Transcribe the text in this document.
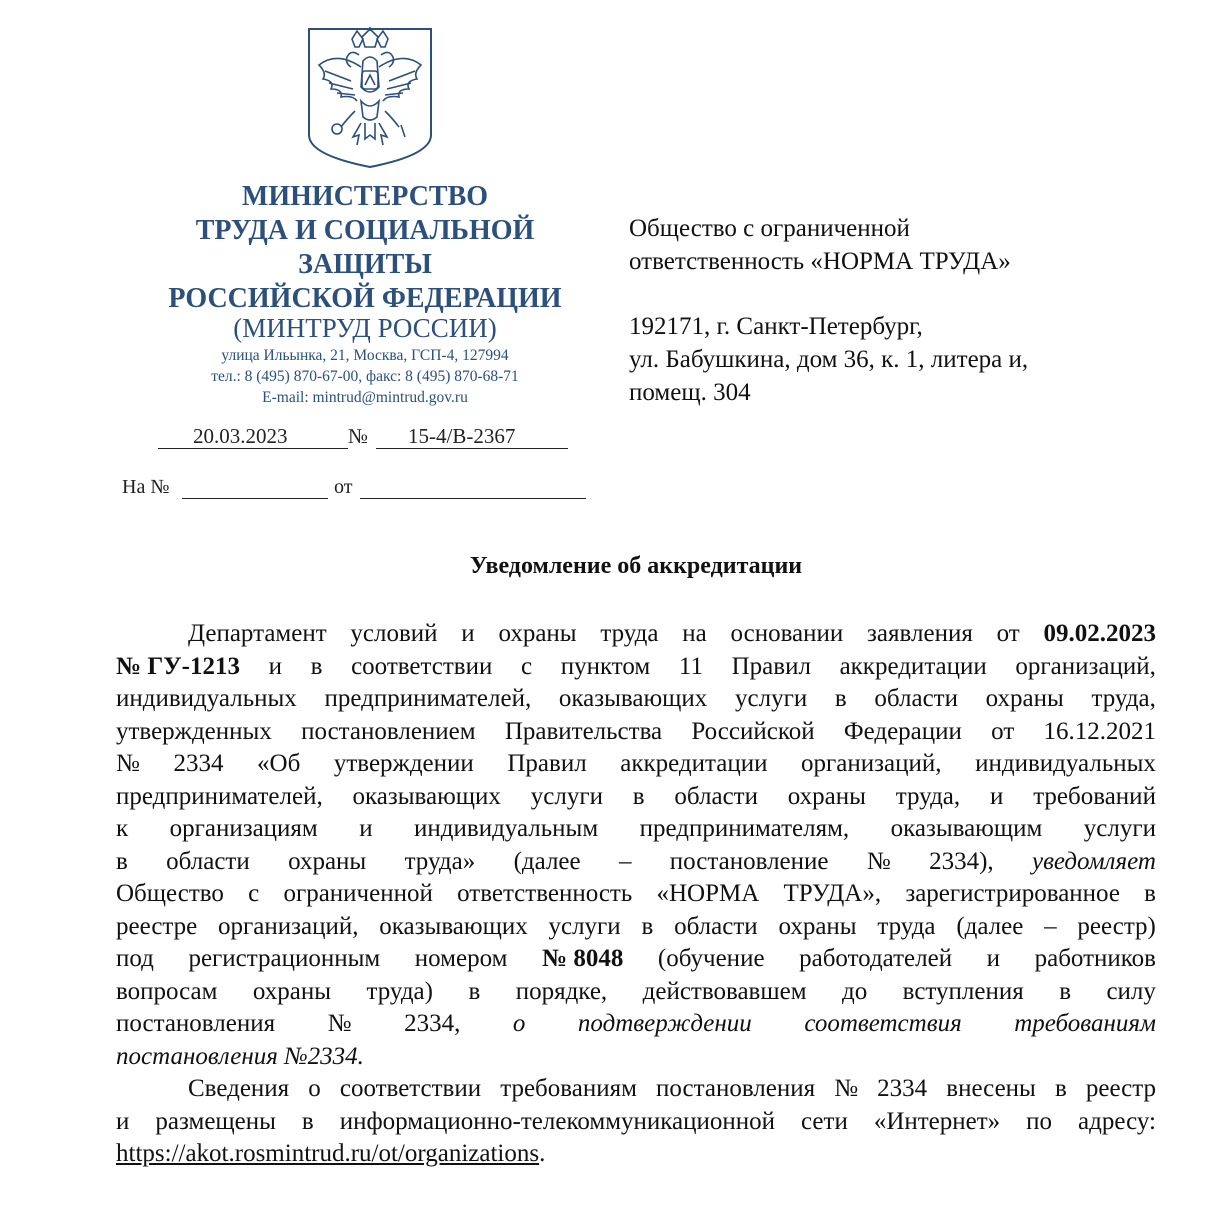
МИНИСТЕРСТВО
ТРУДА И СОЦИАЛЬНОЙ
ЗАЩИТЫ
РОССИЙСКОЙ ФЕДЕРАЦИИ
(МИНТРУД РОССИИ)
улица Ильынка, 21, Москва, ГСП-4, 127994
тел.: 8 (495) 870-67-00, факс: 8 (495) 870-68-71
E-mail: mintrud@mintrud.gov.ru
20.03.2023	№ 15-4/В-2367
На №	от
Общество с ограниченной
ответственность «НОРМА ТРУДА»
192171, г. Санкт-Петербург,
ул. Бабушкина, дом 36, к. 1, литера и,
помещ. 304
Уведомление об аккредитации
Департамент условий и охраны труда на основании заявления от 09.02.2023
№ ГУ-1213 и в соответствии с пунктом 11 Правил аккредитации организаций,
индивидуальных предпринимателей, оказывающих услуги в области охраны труда,
утвержденных постановлением Правительства Российской Федерации от 16.12.2021
№ 2334 «Об утверждении Правил аккредитации организаций, индивидуальных
предпринимателей, оказывающих услуги в области охраны труда, и требований
к организациям и индивидуальным предпринимателям, оказывающим услуги
в области охраны труда» (далее – постановление № 2334), уведомляет
Общество с ограниченной ответственность «НОРМА ТРУДА», зарегистрированное в
реестре организаций, оказывающих услуги в области охраны труда (далее – реестр)
под регистрационным номером № 8048 (обучение работодателей и работников
вопросам охраны труда) в порядке, действовавшем до вступления в силу
постановления № 2334, о подтверждении соответствия требованиям
постановления №2334.
Сведения о соответствии требованиям постановления № 2334 внесены в реестр
и размещены в информационно-телекоммуникационной сети «Интернет» по адресу:
https://akot.rosmintrud.ru/ot/organizations .
